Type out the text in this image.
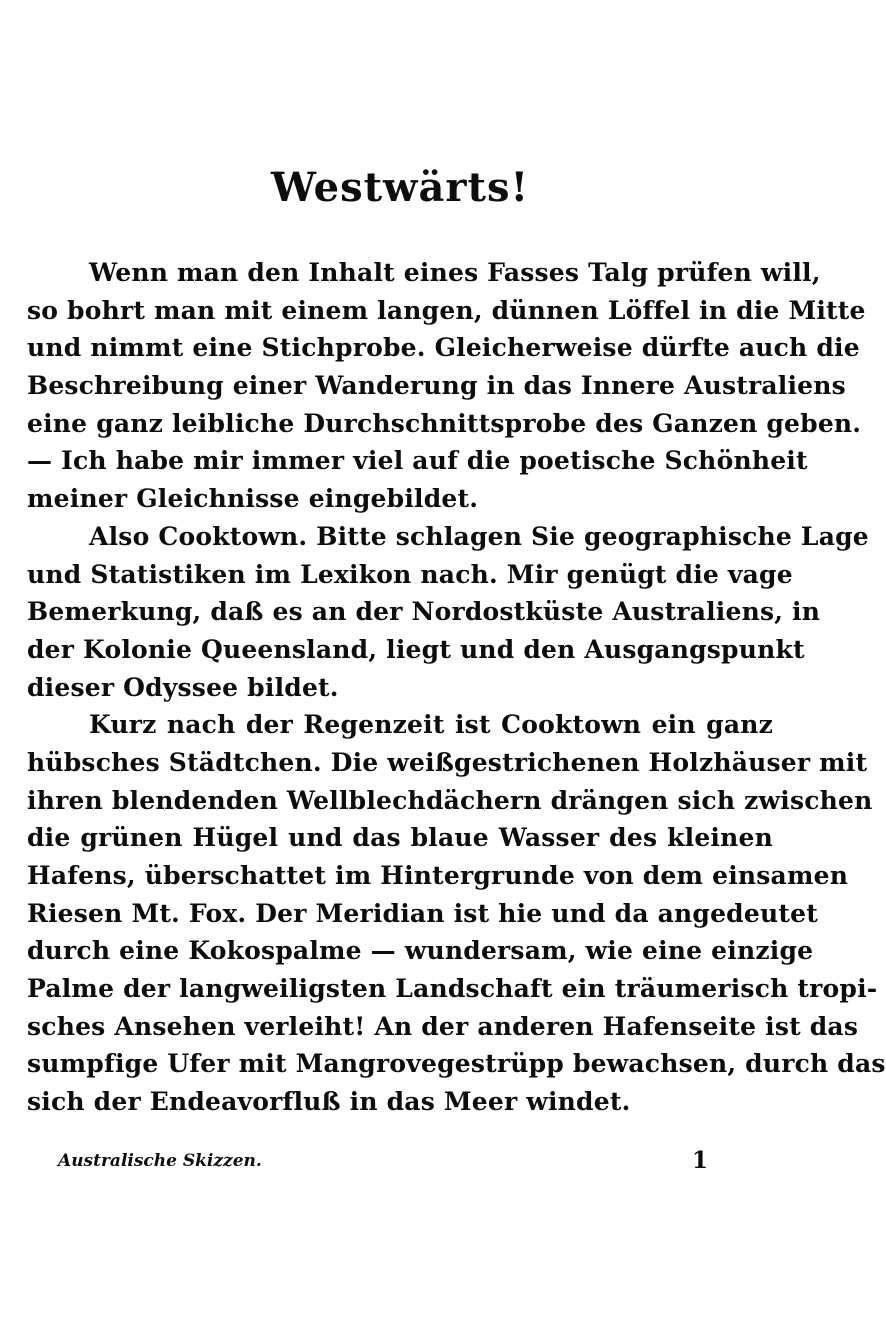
Westwärts!
Wenn man den Inhalt eines Fasses Talg prüfen will,
so bohrt man mit einem langen, dünnen Löffel in die Mitte
und nimmt eine Stichprobe. Gleicherweise dürfte auch die
Beschreibung einer Wanderung in das Innere Australiens
eine ganz leibliche Durchschnittsprobe des Ganzen geben.
— Ich habe mir immer viel auf die poetische Schönheit
meiner Gleichnisse eingebildet.
Also Cooktown. Bitte schlagen Sie geographische Lage
und Statistiken im Lexikon nach. Mir genügt die vage
Bemerkung, daß es an der Nordostküste Australiens, in
der Kolonie Queensland, liegt und den Ausgangspunkt
dieser Odyssee bildet.
Kurz nach der Regenzeit ist Cooktown ein ganz
hübsches Städtchen. Die weißgestrichenen Holzhäuser mit
ihren blendenden Wellblechdächern drängen sich zwischen
die grünen Hügel und das blaue Wasser des kleinen
Hafens, überschattet im Hintergrunde von dem einsamen
Riesen Mt. Fox. Der Meridian ist hie und da angedeutet
durch eine Kokospalme — wundersam, wie eine einzige
Palme der langweiligsten Landschaft ein träumerisch tropi-
sches Ansehen verleiht! An der anderen Hafenseite ist das
sumpfige Ufer mit Mangrovegestrüpp bewachsen, durch das
sich der Endeavorfluß in das Meer windet.
Australische Skizzen.	1
